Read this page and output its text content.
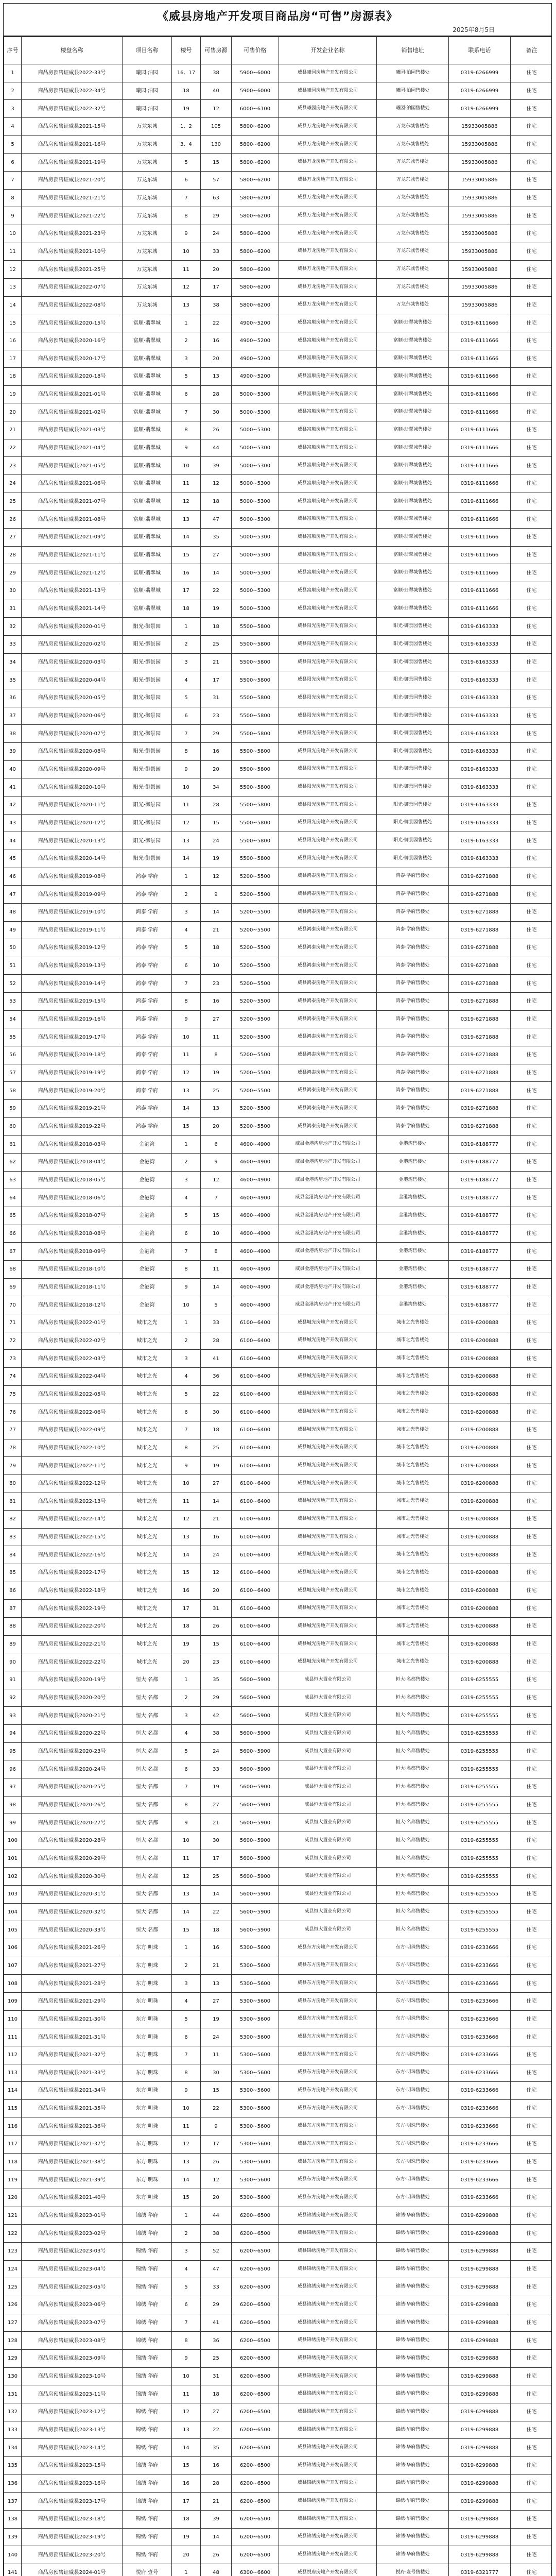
《威县房地产开发项目商品房“可售”房源表》
2025年8月5日
序号	楼盘名称	项目名称	楼号	可售房源	可售价格	开发企业名称	销售地址	联系电话	备注
1	商品房预售证威县2022-33号	曦园·泊园	16、17	38	5900~6000	威县曦园房地产开发有限公司	曦园·泊园售楼处	0319-6266999	住宅
2	商品房预售证威县2022-34号	曦园·泊园	18	40	5900~6000	威县曦园房地产开发有限公司	曦园·泊园售楼处	0319-6266999	住宅
3	商品房预售证威县2022-32号	曦园·泊园	19	12	6000~6100	威县曦园房地产开发有限公司	曦园·泊园售楼处	0319-6266999	住宅
4	商品房预售证威县2021-15号	万龙东城	1、2	105	5800~6200	威县万龙房地产开发有限公司	万龙东城售楼处	15933005886	住宅
5	商品房预售证威县2021-16号	万龙东城	3、4	130	5800~6200	威县万龙房地产开发有限公司	万龙东城售楼处	15933005886	住宅
6	商品房预售证威县2021-19号	万龙东城	5	15	5800~6200	威县万龙房地产开发有限公司	万龙东城售楼处	15933005886	住宅
7	商品房预售证威县2021-20号	万龙东城	6	57	5800~6200	威县万龙房地产开发有限公司	万龙东城售楼处	15933005886	住宅
8	商品房预售证威县2021-21号	万龙东城	7	63	5800~6200	威县万龙房地产开发有限公司	万龙东城售楼处	15933005886	住宅
9	商品房预售证威县2021-22号	万龙东城	8	29	5800~6200	威县万龙房地产开发有限公司	万龙东城售楼处	15933005886	住宅
10	商品房预售证威县2021-23号	万龙东城	9	24	5800~6200	威县万龙房地产开发有限公司	万龙东城售楼处	15933005886	住宅
11	商品房预售证威县2021-10号	万龙东城	10	33	5800~6200	威县万龙房地产开发有限公司	万龙东城售楼处	15933005886	住宅
12	商品房预售证威县2021-25号	万龙东城	11	20	5800~6200	威县万龙房地产开发有限公司	万龙东城售楼处	15933005886	住宅
13	商品房预售证威县2022-07号	万龙东城	12	17	5800~6200	威县万龙房地产开发有限公司	万龙东城售楼处	15933005886	住宅
14	商品房预售证威县2022-08号	万龙东城	13	38	5800~6200	威县万龙房地产开发有限公司	万龙东城售楼处	15933005886	住宅
15	商品房预售证威县2020-15号	富顺·翡翠城	1	22	4900~5200	威县富顺房地产开发有限公司	富顺·翡翠城售楼处	0319-6111666	住宅
16	商品房预售证威县2020-16号	富顺·翡翠城	2	16	4900~5200	威县富顺房地产开发有限公司	富顺·翡翠城售楼处	0319-6111666	住宅
17	商品房预售证威县2020-17号	富顺·翡翠城	3	20	4900~5200	威县富顺房地产开发有限公司	富顺·翡翠城售楼处	0319-6111666	住宅
18	商品房预售证威县2020-18号	富顺·翡翠城	5	13	4900~5200	威县富顺房地产开发有限公司	富顺·翡翠城售楼处	0319-6111666	住宅
19	商品房预售证威县2021-01号	富顺·翡翠城	6	28	5000~5300	威县富顺房地产开发有限公司	富顺·翡翠城售楼处	0319-6111666	住宅
20	商品房预售证威县2021-02号	富顺·翡翠城	7	30	5000~5300	威县富顺房地产开发有限公司	富顺·翡翠城售楼处	0319-6111666	住宅
21	商品房预售证威县2021-03号	富顺·翡翠城	8	26	5000~5300	威县富顺房地产开发有限公司	富顺·翡翠城售楼处	0319-6111666	住宅
22	商品房预售证威县2021-04号	富顺·翡翠城	9	44	5000~5300	威县富顺房地产开发有限公司	富顺·翡翠城售楼处	0319-6111666	住宅
23	商品房预售证威县2021-05号	富顺·翡翠城	10	39	5000~5300	威县富顺房地产开发有限公司	富顺·翡翠城售楼处	0319-6111666	住宅
24	商品房预售证威县2021-06号	富顺·翡翠城	11	12	5000~5300	威县富顺房地产开发有限公司	富顺·翡翠城售楼处	0319-6111666	住宅
25	商品房预售证威县2021-07号	富顺·翡翠城	12	18	5000~5300	威县富顺房地产开发有限公司	富顺·翡翠城售楼处	0319-6111666	住宅
26	商品房预售证威县2021-08号	富顺·翡翠城	13	47	5000~5300	威县富顺房地产开发有限公司	富顺·翡翠城售楼处	0319-6111666	住宅
27	商品房预售证威县2021-09号	富顺·翡翠城	14	35	5000~5300	威县富顺房地产开发有限公司	富顺·翡翠城售楼处	0319-6111666	住宅
28	商品房预售证威县2021-11号	富顺·翡翠城	15	27	5000~5300	威县富顺房地产开发有限公司	富顺·翡翠城售楼处	0319-6111666	住宅
29	商品房预售证威县2021-12号	富顺·翡翠城	16	14	5000~5300	威县富顺房地产开发有限公司	富顺·翡翠城售楼处	0319-6111666	住宅
30	商品房预售证威县2021-13号	富顺·翡翠城	17	22	5000~5300	威县富顺房地产开发有限公司	富顺·翡翠城售楼处	0319-6111666	住宅
31	商品房预售证威县2021-14号	富顺·翡翠城	18	19	5000~5300	威县富顺房地产开发有限公司	富顺·翡翠城售楼处	0319-6111666	住宅
32	商品房预售证威县2020-01号	阳光·御景园	1	18	5500~5800	威县阳光房地产开发有限公司	阳光·御景园售楼处	0319-6163333	住宅
33	商品房预售证威县2020-02号	阳光·御景园	2	25	5500~5800	威县阳光房地产开发有限公司	阳光·御景园售楼处	0319-6163333	住宅
34	商品房预售证威县2020-03号	阳光·御景园	3	21	5500~5800	威县阳光房地产开发有限公司	阳光·御景园售楼处	0319-6163333	住宅
35	商品房预售证威县2020-04号	阳光·御景园	4	17	5500~5800	威县阳光房地产开发有限公司	阳光·御景园售楼处	0319-6163333	住宅
36	商品房预售证威县2020-05号	阳光·御景园	5	31	5500~5800	威县阳光房地产开发有限公司	阳光·御景园售楼处	0319-6163333	住宅
37	商品房预售证威县2020-06号	阳光·御景园	6	23	5500~5800	威县阳光房地产开发有限公司	阳光·御景园售楼处	0319-6163333	住宅
38	商品房预售证威县2020-07号	阳光·御景园	7	29	5500~5800	威县阳光房地产开发有限公司	阳光·御景园售楼处	0319-6163333	住宅
39	商品房预售证威县2020-08号	阳光·御景园	8	16	5500~5800	威县阳光房地产开发有限公司	阳光·御景园售楼处	0319-6163333	住宅
40	商品房预售证威县2020-09号	阳光·御景园	9	20	5500~5800	威县阳光房地产开发有限公司	阳光·御景园售楼处	0319-6163333	住宅
41	商品房预售证威县2020-10号	阳光·御景园	10	34	5500~5800	威县阳光房地产开发有限公司	阳光·御景园售楼处	0319-6163333	住宅
42	商品房预售证威县2020-11号	阳光·御景园	11	28	5500~5800	威县阳光房地产开发有限公司	阳光·御景园售楼处	0319-6163333	住宅
43	商品房预售证威县2020-12号	阳光·御景园	12	15	5500~5800	威县阳光房地产开发有限公司	阳光·御景园售楼处	0319-6163333	住宅
44	商品房预售证威县2020-13号	阳光·御景园	13	24	5500~5800	威县阳光房地产开发有限公司	阳光·御景园售楼处	0319-6163333	住宅
45	商品房预售证威县2020-14号	阳光·御景园	14	19	5500~5800	威县阳光房地产开发有限公司	阳光·御景园售楼处	0319-6163333	住宅
46	商品房预售证威县2019-08号	鸿泰·学府	1	12	5200~5500	威县鸿泰房地产开发有限公司	鸿泰·学府售楼处	0319-6271888	住宅
47	商品房预售证威县2019-09号	鸿泰·学府	2	9	5200~5500	威县鸿泰房地产开发有限公司	鸿泰·学府售楼处	0319-6271888	住宅
48	商品房预售证威县2019-10号	鸿泰·学府	3	14	5200~5500	威县鸿泰房地产开发有限公司	鸿泰·学府售楼处	0319-6271888	住宅
49	商品房预售证威县2019-11号	鸿泰·学府	4	21	5200~5500	威县鸿泰房地产开发有限公司	鸿泰·学府售楼处	0319-6271888	住宅
50	商品房预售证威县2019-12号	鸿泰·学府	5	18	5200~5500	威县鸿泰房地产开发有限公司	鸿泰·学府售楼处	0319-6271888	住宅
51	商品房预售证威县2019-13号	鸿泰·学府	6	10	5200~5500	威县鸿泰房地产开发有限公司	鸿泰·学府售楼处	0319-6271888	住宅
52	商品房预售证威县2019-14号	鸿泰·学府	7	23	5200~5500	威县鸿泰房地产开发有限公司	鸿泰·学府售楼处	0319-6271888	住宅
53	商品房预售证威县2019-15号	鸿泰·学府	8	16	5200~5500	威县鸿泰房地产开发有限公司	鸿泰·学府售楼处	0319-6271888	住宅
54	商品房预售证威县2019-16号	鸿泰·学府	9	27	5200~5500	威县鸿泰房地产开发有限公司	鸿泰·学府售楼处	0319-6271888	住宅
55	商品房预售证威县2019-17号	鸿泰·学府	10	11	5200~5500	威县鸿泰房地产开发有限公司	鸿泰·学府售楼处	0319-6271888	住宅
56	商品房预售证威县2019-18号	鸿泰·学府	11	8	5200~5500	威县鸿泰房地产开发有限公司	鸿泰·学府售楼处	0319-6271888	住宅
57	商品房预售证威县2019-19号	鸿泰·学府	12	19	5200~5500	威县鸿泰房地产开发有限公司	鸿泰·学府售楼处	0319-6271888	住宅
58	商品房预售证威县2019-20号	鸿泰·学府	13	25	5200~5500	威县鸿泰房地产开发有限公司	鸿泰·学府售楼处	0319-6271888	住宅
59	商品房预售证威县2019-21号	鸿泰·学府	14	13	5200~5500	威县鸿泰房地产开发有限公司	鸿泰·学府售楼处	0319-6271888	住宅
60	商品房预售证威县2019-22号	鸿泰·学府	15	20	5200~5500	威县鸿泰房地产开发有限公司	鸿泰·学府售楼处	0319-6271888	住宅
61	商品房预售证威县2018-03号	金港湾	1	6	4600~4900	威县金港湾房地产开发有限公司	金港湾售楼处	0319-6188777	住宅
62	商品房预售证威县2018-04号	金港湾	2	9	4600~4900	威县金港湾房地产开发有限公司	金港湾售楼处	0319-6188777	住宅
63	商品房预售证威县2018-05号	金港湾	3	12	4600~4900	威县金港湾房地产开发有限公司	金港湾售楼处	0319-6188777	住宅
64	商品房预售证威县2018-06号	金港湾	4	7	4600~4900	威县金港湾房地产开发有限公司	金港湾售楼处	0319-6188777	住宅
65	商品房预售证威县2018-07号	金港湾	5	15	4600~4900	威县金港湾房地产开发有限公司	金港湾售楼处	0319-6188777	住宅
66	商品房预售证威县2018-08号	金港湾	6	10	4600~4900	威县金港湾房地产开发有限公司	金港湾售楼处	0319-6188777	住宅
67	商品房预售证威县2018-09号	金港湾	7	8	4600~4900	威县金港湾房地产开发有限公司	金港湾售楼处	0319-6188777	住宅
68	商品房预售证威县2018-10号	金港湾	8	11	4600~4900	威县金港湾房地产开发有限公司	金港湾售楼处	0319-6188777	住宅
69	商品房预售证威县2018-11号	金港湾	9	14	4600~4900	威县金港湾房地产开发有限公司	金港湾售楼处	0319-6188777	住宅
70	商品房预售证威县2018-12号	金港湾	10	5	4600~4900	威县金港湾房地产开发有限公司	金港湾售楼处	0319-6188777	住宅
71	商品房预售证威县2022-01号	城市之光	1	33	6100~6400	威县城光房地产开发有限公司	城市之光售楼处	0319-6200888	住宅
72	商品房预售证威县2022-02号	城市之光	2	28	6100~6400	威县城光房地产开发有限公司	城市之光售楼处	0319-6200888	住宅
73	商品房预售证威县2022-03号	城市之光	3	41	6100~6400	威县城光房地产开发有限公司	城市之光售楼处	0319-6200888	住宅
74	商品房预售证威县2022-04号	城市之光	4	36	6100~6400	威县城光房地产开发有限公司	城市之光售楼处	0319-6200888	住宅
75	商品房预售证威县2022-05号	城市之光	5	22	6100~6400	威县城光房地产开发有限公司	城市之光售楼处	0319-6200888	住宅
76	商品房预售证威县2022-06号	城市之光	6	30	6100~6400	威县城光房地产开发有限公司	城市之光售楼处	0319-6200888	住宅
77	商品房预售证威县2022-09号	城市之光	7	18	6100~6400	威县城光房地产开发有限公司	城市之光售楼处	0319-6200888	住宅
78	商品房预售证威县2022-10号	城市之光	8	25	6100~6400	威县城光房地产开发有限公司	城市之光售楼处	0319-6200888	住宅
79	商品房预售证威县2022-11号	城市之光	9	19	6100~6400	威县城光房地产开发有限公司	城市之光售楼处	0319-6200888	住宅
80	商品房预售证威县2022-12号	城市之光	10	27	6100~6400	威县城光房地产开发有限公司	城市之光售楼处	0319-6200888	住宅
81	商品房预售证威县2022-13号	城市之光	11	14	6100~6400	威县城光房地产开发有限公司	城市之光售楼处	0319-6200888	住宅
82	商品房预售证威县2022-14号	城市之光	12	21	6100~6400	威县城光房地产开发有限公司	城市之光售楼处	0319-6200888	住宅
83	商品房预售证威县2022-15号	城市之光	13	16	6100~6400	威县城光房地产开发有限公司	城市之光售楼处	0319-6200888	住宅
84	商品房预售证威县2022-16号	城市之光	14	24	6100~6400	威县城光房地产开发有限公司	城市之光售楼处	0319-6200888	住宅
85	商品房预售证威县2022-17号	城市之光	15	12	6100~6400	威县城光房地产开发有限公司	城市之光售楼处	0319-6200888	住宅
86	商品房预售证威县2022-18号	城市之光	16	20	6100~6400	威县城光房地产开发有限公司	城市之光售楼处	0319-6200888	住宅
87	商品房预售证威县2022-19号	城市之光	17	31	6100~6400	威县城光房地产开发有限公司	城市之光售楼处	0319-6200888	住宅
88	商品房预售证威县2022-20号	城市之光	18	26	6100~6400	威县城光房地产开发有限公司	城市之光售楼处	0319-6200888	住宅
89	商品房预售证威县2022-21号	城市之光	19	15	6100~6400	威县城光房地产开发有限公司	城市之光售楼处	0319-6200888	住宅
90	商品房预售证威县2022-22号	城市之光	20	23	6100~6400	威县城光房地产开发有限公司	城市之光售楼处	0319-6200888	住宅
91	商品房预售证威县2020-19号	恒大·名都	1	35	5600~5900	威县恒大置业有限公司	恒大·名都售楼处	0319-6255555	住宅
92	商品房预售证威县2020-20号	恒大·名都	2	29	5600~5900	威县恒大置业有限公司	恒大·名都售楼处	0319-6255555	住宅
93	商品房预售证威县2020-21号	恒大·名都	3	42	5600~5900	威县恒大置业有限公司	恒大·名都售楼处	0319-6255555	住宅
94	商品房预售证威县2020-22号	恒大·名都	4	38	5600~5900	威县恒大置业有限公司	恒大·名都售楼处	0319-6255555	住宅
95	商品房预售证威县2020-23号	恒大·名都	5	24	5600~5900	威县恒大置业有限公司	恒大·名都售楼处	0319-6255555	住宅
96	商品房预售证威县2020-24号	恒大·名都	6	33	5600~5900	威县恒大置业有限公司	恒大·名都售楼处	0319-6255555	住宅
97	商品房预售证威县2020-25号	恒大·名都	7	19	5600~5900	威县恒大置业有限公司	恒大·名都售楼处	0319-6255555	住宅
98	商品房预售证威县2020-26号	恒大·名都	8	27	5600~5900	威县恒大置业有限公司	恒大·名都售楼处	0319-6255555	住宅
99	商品房预售证威县2020-27号	恒大·名都	9	21	5600~5900	威县恒大置业有限公司	恒大·名都售楼处	0319-6255555	住宅
100	商品房预售证威县2020-28号	恒大·名都	10	30	5600~5900	威县恒大置业有限公司	恒大·名都售楼处	0319-6255555	住宅
101	商品房预售证威县2020-29号	恒大·名都	11	17	5600~5900	威县恒大置业有限公司	恒大·名都售楼处	0319-6255555	住宅
102	商品房预售证威县2020-30号	恒大·名都	12	25	5600~5900	威县恒大置业有限公司	恒大·名都售楼处	0319-6255555	住宅
103	商品房预售证威县2020-31号	恒大·名都	13	14	5600~5900	威县恒大置业有限公司	恒大·名都售楼处	0319-6255555	住宅
104	商品房预售证威县2020-32号	恒大·名都	14	22	5600~5900	威县恒大置业有限公司	恒大·名都售楼处	0319-6255555	住宅
105	商品房预售证威县2020-33号	恒大·名都	15	18	5600~5900	威县恒大置业有限公司	恒大·名都售楼处	0319-6255555	住宅
106	商品房预售证威县2021-26号	东方·明珠	1	16	5300~5600	威县东方房地产开发有限公司	东方·明珠售楼处	0319-6233666	住宅
107	商品房预售证威县2021-27号	东方·明珠	2	21	5300~5600	威县东方房地产开发有限公司	东方·明珠售楼处	0319-6233666	住宅
108	商品房预售证威县2021-28号	东方·明珠	3	13	5300~5600	威县东方房地产开发有限公司	东方·明珠售楼处	0319-6233666	住宅
109	商品房预售证威县2021-29号	东方·明珠	4	27	5300~5600	威县东方房地产开发有限公司	东方·明珠售楼处	0319-6233666	住宅
110	商品房预售证威县2021-30号	东方·明珠	5	19	5300~5600	威县东方房地产开发有限公司	东方·明珠售楼处	0319-6233666	住宅
111	商品房预售证威县2021-31号	东方·明珠	6	24	5300~5600	威县东方房地产开发有限公司	东方·明珠售楼处	0319-6233666	住宅
112	商品房预售证威县2021-32号	东方·明珠	7	11	5300~5600	威县东方房地产开发有限公司	东方·明珠售楼处	0319-6233666	住宅
113	商品房预售证威县2021-33号	东方·明珠	8	30	5300~5600	威县东方房地产开发有限公司	东方·明珠售楼处	0319-6233666	住宅
114	商品房预售证威县2021-34号	东方·明珠	9	15	5300~5600	威县东方房地产开发有限公司	东方·明珠售楼处	0319-6233666	住宅
115	商品房预售证威县2021-35号	东方·明珠	10	22	5300~5600	威县东方房地产开发有限公司	东方·明珠售楼处	0319-6233666	住宅
116	商品房预售证威县2021-36号	东方·明珠	11	9	5300~5600	威县东方房地产开发有限公司	东方·明珠售楼处	0319-6233666	住宅
117	商品房预售证威县2021-37号	东方·明珠	12	17	5300~5600	威县东方房地产开发有限公司	东方·明珠售楼处	0319-6233666	住宅
118	商品房预售证威县2021-38号	东方·明珠	13	26	5300~5600	威县东方房地产开发有限公司	东方·明珠售楼处	0319-6233666	住宅
119	商品房预售证威县2021-39号	东方·明珠	14	12	5300~5600	威县东方房地产开发有限公司	东方·明珠售楼处	0319-6233666	住宅
120	商品房预售证威县2021-40号	东方·明珠	15	20	5300~5600	威县东方房地产开发有限公司	东方·明珠售楼处	0319-6233666	住宅
121	商品房预售证威县2023-01号	锦绣·华府	1	44	6200~6500	威县锦绣房地产开发有限公司	锦绣·华府售楼处	0319-6299888	住宅
122	商品房预售证威县2023-02号	锦绣·华府	2	38	6200~6500	威县锦绣房地产开发有限公司	锦绣·华府售楼处	0319-6299888	住宅
123	商品房预售证威县2023-03号	锦绣·华府	3	52	6200~6500	威县锦绣房地产开发有限公司	锦绣·华府售楼处	0319-6299888	住宅
124	商品房预售证威县2023-04号	锦绣·华府	4	47	6200~6500	威县锦绣房地产开发有限公司	锦绣·华府售楼处	0319-6299888	住宅
125	商品房预售证威县2023-05号	锦绣·华府	5	33	6200~6500	威县锦绣房地产开发有限公司	锦绣·华府售楼处	0319-6299888	住宅
126	商品房预售证威县2023-06号	锦绣·华府	6	29	6200~6500	威县锦绣房地产开发有限公司	锦绣·华府售楼处	0319-6299888	住宅
127	商品房预售证威县2023-07号	锦绣·华府	7	41	6200~6500	威县锦绣房地产开发有限公司	锦绣·华府售楼处	0319-6299888	住宅
128	商品房预售证威县2023-08号	锦绣·华府	8	36	6200~6500	威县锦绣房地产开发有限公司	锦绣·华府售楼处	0319-6299888	住宅
129	商品房预售证威县2023-09号	锦绣·华府	9	25	6200~6500	威县锦绣房地产开发有限公司	锦绣·华府售楼处	0319-6299888	住宅
130	商品房预售证威县2023-10号	锦绣·华府	10	31	6200~6500	威县锦绣房地产开发有限公司	锦绣·华府售楼处	0319-6299888	住宅
131	商品房预售证威县2023-11号	锦绣·华府	11	18	6200~6500	威县锦绣房地产开发有限公司	锦绣·华府售楼处	0319-6299888	住宅
132	商品房预售证威县2023-12号	锦绣·华府	12	27	6200~6500	威县锦绣房地产开发有限公司	锦绣·华府售楼处	0319-6299888	住宅
133	商品房预售证威县2023-13号	锦绣·华府	13	22	6200~6500	威县锦绣房地产开发有限公司	锦绣·华府售楼处	0319-6299888	住宅
134	商品房预售证威县2023-14号	锦绣·华府	14	35	6200~6500	威县锦绣房地产开发有限公司	锦绣·华府售楼处	0319-6299888	住宅
135	商品房预售证威县2023-15号	锦绣·华府	15	16	6200~6500	威县锦绣房地产开发有限公司	锦绣·华府售楼处	0319-6299888	住宅
136	商品房预售证威县2023-16号	锦绣·华府	16	28	6200~6500	威县锦绣房地产开发有限公司	锦绣·华府售楼处	0319-6299888	住宅
137	商品房预售证威县2023-17号	锦绣·华府	17	21	6200~6500	威县锦绣房地产开发有限公司	锦绣·华府售楼处	0319-6299888	住宅
138	商品房预售证威县2023-18号	锦绣·华府	18	39	6200~6500	威县锦绣房地产开发有限公司	锦绣·华府售楼处	0319-6299888	住宅
139	商品房预售证威县2023-19号	锦绣·华府	19	14	6200~6500	威县锦绣房地产开发有限公司	锦绣·华府售楼处	0319-6299888	住宅
140	商品房预售证威县2023-20号	锦绣·华府	20	26	6200~6500	威县锦绣房地产开发有限公司	锦绣·华府售楼处	0319-6299888	住宅
141	商品房预售证威县2024-01号	悦府·壹号	1	48	6300~6600	威县悦府房地产开发有限公司	悦府·壹号售楼处	0319-6321777	住宅
